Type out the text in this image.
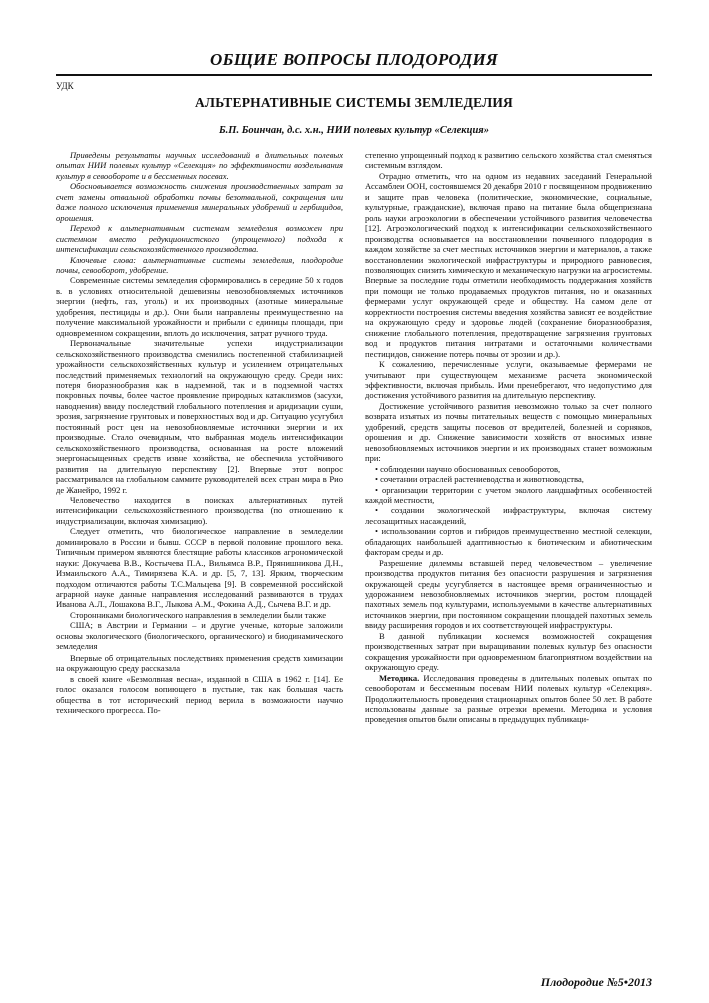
ОБЩИЕ ВОПРОСЫ ПЛОДОРОДИЯ
УДК
АЛЬТЕРНАТИВНЫЕ СИСТЕМЫ ЗЕМЛЕДЕЛИЯ
Б.П. Боинчан, д.с. х.н., НИИ полевых культур «Селекция»

Приведены результаты научных исследований в длительных полевых опытах НИИ полевых культур «Селекция» по эффективности возделывания культур в севообороте и в бессменных посевах.

Обосновывается возможность снижения производственных затрат за счет замены отвальной обработки почвы безотвальной, сокращения или даже полного исключения применения минеральных удобрений и гербицидов, орошения.

Переход к альтернативным системам земледелия возможен при системном вместо редукционистского (упрощенного) подхода к интенсификации сельскохозяйственного производства.

Ключевые слова: альтернативные системы земледелия, плодородие почвы, севооборот, удобрение.

Современные системы земледелия сформировались в середине 50 х годов в. в условиях относительной дешевизны невозобновляемых источников энергии (нефть, газ, уголь) и их производных (азотные минеральные удобрения, пестициды и др.). Они были направлены преимущественно на получение максимальной урожайности и прибыли с единицы площади, при одновременном сокращении, вплоть до исключения, затрат ручного труда.

Первоначальные значительные успехи индустриализации сельскохозяйственного производства сменились постепенной стабилизацией урожайности сельскохозяйственных культур и усилением отрицательных последствий применяемых технологий на окружающую среду. Среди них: потеря биоразнообразия как в надземной, так и в подземной частях покровных почвы, более частое проявление природных катаклизмов (засухи, наводнения) ввиду последствий глобального потепления и аридизации суши, эрозия, загрязнение грунтовых и поверхностных вод и др. Ситуацию усугубил постоянный рост цен на невозобновляемые источники энергии и их производные. Стало очевидным, что выбранная модель интенсификации сельскохозяйственного производства, основанная на росте вложений энергонасыщенных средств извне хозяйства, не обеспечила устойчивого развития на длительную перспективу [2]. Впервые этот вопрос рассматривался на глобальном саммите руководителей всех стран мира в Рио де Жанейро, 1992 г.

Человечество находится в поисках альтернативных путей интенсификации сельскохозяйственного производства (по отношению к индустриализации, включая химизацию).

Следует отметить, что биологическое направление в земледелии доминировало в России и бывш. СССР в первой половине прошлого века. Типичным примером являются блестящие работы классиков агрономической науки: Докучаева В.В., Костычева П.А., Вильямса В.Р., Прянишникова Д.Н., Измаильского А.А., Тимирязева К.А. и др. [5, 7, 13]. Ярким, творческим подходом отличаются работы Т.С.Мальцева [9]. В современной российской аграрной науке данные направления исследований развиваются в трудах Иванова А.Л., Лошакова В.Г., Лыкова А.М., Фокина А.Д., Сычева В.Г. и др.

Сторонниками биологического направления в земледелии были также

США; в Австрии и Германии – и другие ученые, которые заложили основы экологического (биологического, органического) и биодинамического земледелия

Впервые об отрицательных последствиях применения средств химизации на окружающую среду рассказала

в своей книге «Безмолвная весна», изданной в США в 1962 г. [14]. Ее голос оказался голосом вопиющего в пустыне, так как большая часть общества в тот исторический период верила в возможности научно технического прогресса. По-

степенно упрощенный подход к развитию сельского хозяйства стал сменяться системным взглядом.

Отрадно отметить, что на одном из недавних заседаний Генеральной Ассамблеи ООН, состоявшемся 20 декабря 2010 г посвященном продвижению и защите прав человека (политические, экономические, социальные, культурные, гражданские), включая право на питание была общепризнана роль науки агроэкологии в обеспечении устойчивого развития человечества [12]. Агроэкологический подход к интенсификации сельскохозяйственного производства основывается на восстановлении почвенного плодородия в каждом хозяйстве за счет местных источников энергии и материалов, а также восстановлении экологической инфраструктуры и природного равновесия, позволяющих снизить химическую и механическую нагрузки на агросистемы. Впервые за последние годы отметили необходимость поддержания хозяйств при помощи не только продаваемых продуктов питания, но и оказанных фермерами услуг окружающей среде и обществу. На самом деле от корректности построения системы введения хозяйства зависят ее воздействие на окружающую среду и здоровье людей (сохранение биоразнообразия, снижение глобального потепления, предотвращение загрязнения грунтовых вод и продуктов питания нитратами и остаточными количествами пестицидов, снижение потерь почвы от эрозии и др.).

К сожалению, перечисленные услуги, оказываемые фермерами не учитывают при существующем механизме расчета экономической эффективности, включая прибыль. Ими пренебрегают, что недопустимо для достижения устойчивого развития на длительную перспективу.

Достижение устойчивого развития невозможно только за счет полного возврата изъятых из почвы питательных веществ с помощью минеральных удобрений, средств защиты посевов от вредителей, болезней и сорняков, орошения и др. Снижение зависимости хозяйств от вносимых извне невозобновляемых источников энергии и их производных станет возможным при:

• соблюдении научно обоснованных севооборотов,

• сочетании отраслей растениеводства и животноводства,

• организации территории с учетом эколого ландшафтных особенностей каждой местности,

• создании экологической инфраструктуры, включая систему лесозащитных насаждений,

• использовании сортов и гибридов преимущественно местной селекции, обладающих наибольшей адаптивностью к биотическим и абиотическим факторам среды и др.

Разрешение дилеммы вставшей перед человечеством – увеличение производства продуктов питания без опасности разрушения и загрязнения окружающей среды усугубляется в настоящее время ограниченностью и удорожанием невозобновляемых источников энергии, ростом площадей пахотных земель под культурами, используемыми в качестве альтернативных источников энергии, при постоянном сокращении площадей пахотных земель ввиду расширения городов и их соответствующей инфраструктуры.

В данной публикации коснемся возможностей сокращения производственных затрат при выращивании полевых культур без опасности сокращения урожайности при одновременном благоприятном воздействии на окружающую среду.

Методика. Исследования проведены в длительных полевых опытах по севооборотам и бессменным посевам НИИ полевых культур «Селекция». Продолжительность проведения стационарных опытов более 50 лет. В работе использованы данные за разные отрезки времени. Методика и условия проведения опытов были описаны в предыдущих публикаци-

Плодородие №5•2013
